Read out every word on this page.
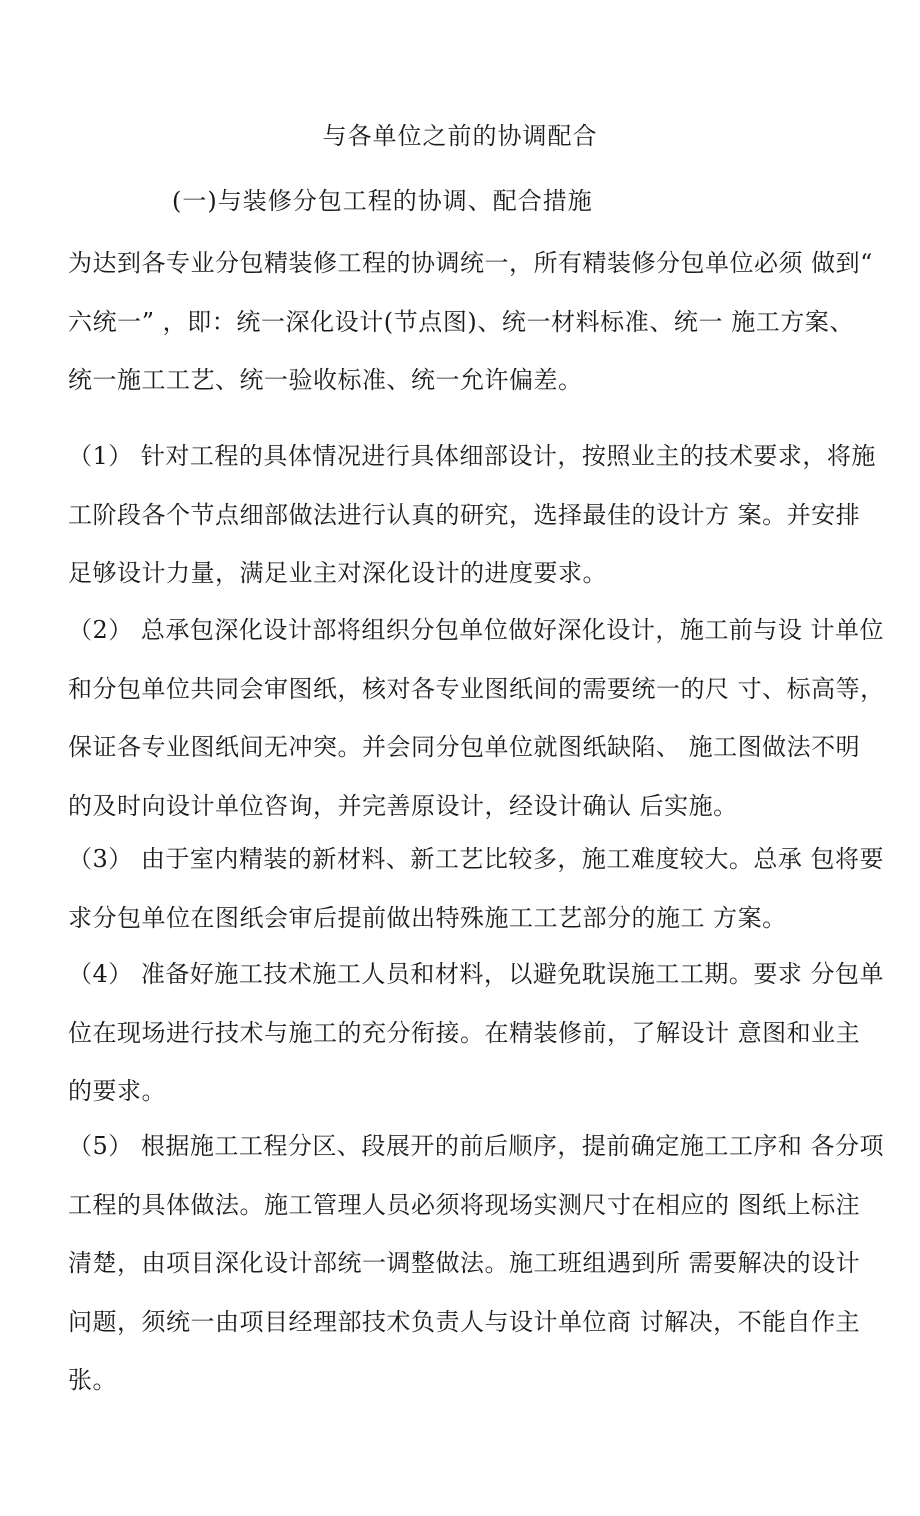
与各单位之前的协调配合
(一)与装修分包工程的协调、配合措施

为达到各专业分包精装修工程的协调统一，所有精装修分包单位必须 做到“
六统一” ，即：统一深化设计(节点图)、统一材料标准、统一 施工方案、
统一施工工艺、统一验收标准、统一允许偏差。

（1） 针对工程的具体情况进行具体细部设计，按照业主的技术要求，将施
工阶段各个节点细部做法进行认真的研究，选择最佳的设计方 案。并安排
足够设计力量，满足业主对深化设计的进度要求。

（2） 总承包深化设计部将组织分包单位做好深化设计，施工前与设 计单位
和分包单位共同会审图纸，核对各专业图纸间的需要统一的尺 寸、标高等，
保证各专业图纸间无冲突。并会同分包单位就图纸缺陷、 施工图做法不明
的及时向设计单位咨询，并完善原设计，经设计确认 后实施。

（3） 由于室内精装的新材料、新工艺比较多，施工难度较大。总承 包将要
求分包单位在图纸会审后提前做出特殊施工工艺部分的施工 方案。

（4） 准备好施工技术施工人员和材料，以避免耽误施工工期。要求 分包单
位在现场进行技术与施工的充分衔接。在精装修前，了解设计 意图和业主
的要求。

（5） 根据施工工程分区、段展开的前后顺序，提前确定施工工序和 各分项
工程的具体做法。施工管理人员必须将现场实测尺寸在相应的 图纸上标注
清楚，由项目深化设计部统一调整做法。施工班组遇到所 需要解决的设计
问题，须统一由项目经理部技术负责人与设计单位商 讨解决，不能自作主
张。
